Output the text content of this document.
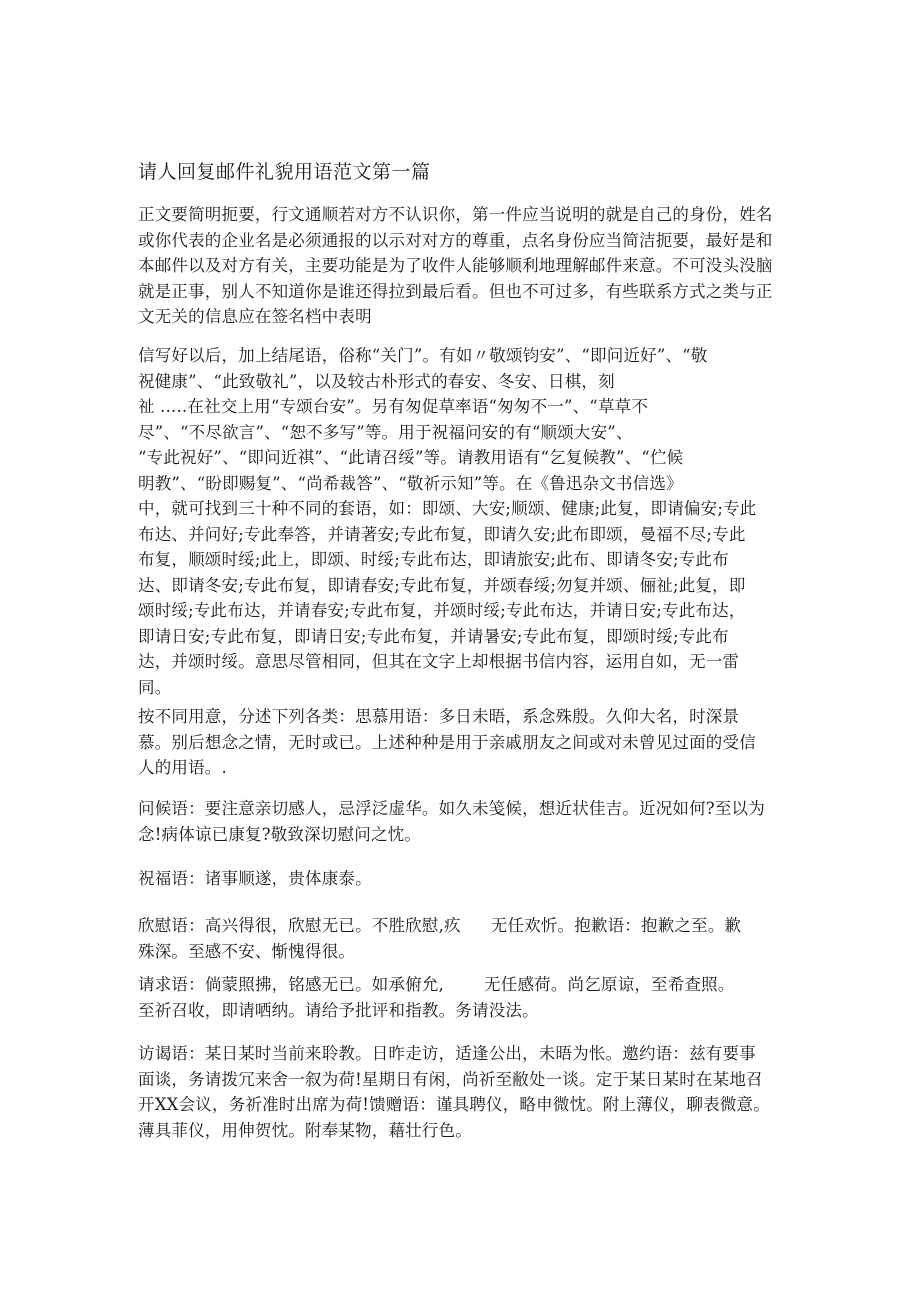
请人回复邮件礼貌用语范文第一篇
正文要简明扼要，行文通顺若对方不认识你，第一件应当说明的就是自己的身份，姓名
或你代表的企业名是必须通报的以示对对方的尊重，点名身份应当简洁扼要，最好是和
本邮件以及对方有关，主要功能是为了收件人能够顺利地理解邮件来意。不可没头没脑
就是正事，别人不知道你是谁还得拉到最后看。但也不可过多，有些联系方式之类与正
文无关的信息应在签名档中表明
信写好以后，加上结尾语，俗称“关门”。有如〃敬颂钧安”、“即问近好”、“敬
祝健康”、“此致敬礼”，以及较古朴形式的春安、冬安、日棋，刻
祉 .....在社交上用“专颂台安”。另有匆促草率语“匆匆不一”、“草草不
尽”、“不尽欲言”、“恕不多写”等。用于祝福问安的有“顺颂大安”、
“专此祝好”、“即问近祺”、“此请召绥”等。请教用语有“乞复候教”、“伫候
明教”、“盼即赐复”、“尚希裁答”、“敬祈示知”等。在《鲁迅杂文书信选》
中，就可找到三十种不同的套语，如：即颂、大安;顺颂、健康;此复，即请偏安;专此
布达、并问好;专此奉答，并请著安;专此布复，即请久安;此布即颂，曼福不尽;专此
布复，顺颂时绥;此上，即颂、时绥;专此布达，即请旅安;此布、即请冬安;专此布
达、即请冬安;专此布复，即请春安;专此布复，并颂春绥;勿复并颂、俪祉;此复，即
颂时绥;专此布达，并请春安;专此布复，并颂时绥;专此布达，并请日安;专此布达，
即请日安;专此布复，即请日安;专此布复，并请暑安;专此布复，即颂时绥;专此布
达，并颂时绥。意思尽管相同，但其在文字上却根据书信内容，运用自如，无一雷
同。
按不同用意，分述下列各类：思慕用语：多日未晤，系念殊殷。久仰大名，时深景
慕。别后想念之情，无时或已。上述种种是用于亲戚朋友之间或对未曾见过面的受信
人的用语。.
问候语：要注意亲切感人，忌浮泛虚华。如久未笺候，想近状佳吉。近况如何?至以为
念!病体谅已康复?敬致深切慰问之忱。
祝福语：诸事顺遂，贵体康泰。
欣慰语：高兴得很，欣慰无已。不胜欣慰,疚 无任欢忻。抱歉语：抱歉之至。歉
殊深。至感不安、惭愧得很。
请求语：倘蒙照拂，铭感无已。如承俯允, 无任感荷。尚乞原谅，至希查照。
至祈召收，即请哂纳。请给予批评和指教。务请没法。
访谒语：某日某时当前来聆教。日昨走访，适逢公出，未晤为怅。邀约语：兹有要事
面谈，务请拨冗来舍一叙为荷!星期日有闲，尚祈至敝处一谈。定于某日某时在某地召
开XX会议，务祈准时出席为荷!馈赠语：谨具聘仪，略申微忱。附上薄仪，聊表微意。
薄具菲仪，用伸贺忱。附奉某物，藉壮行色。
